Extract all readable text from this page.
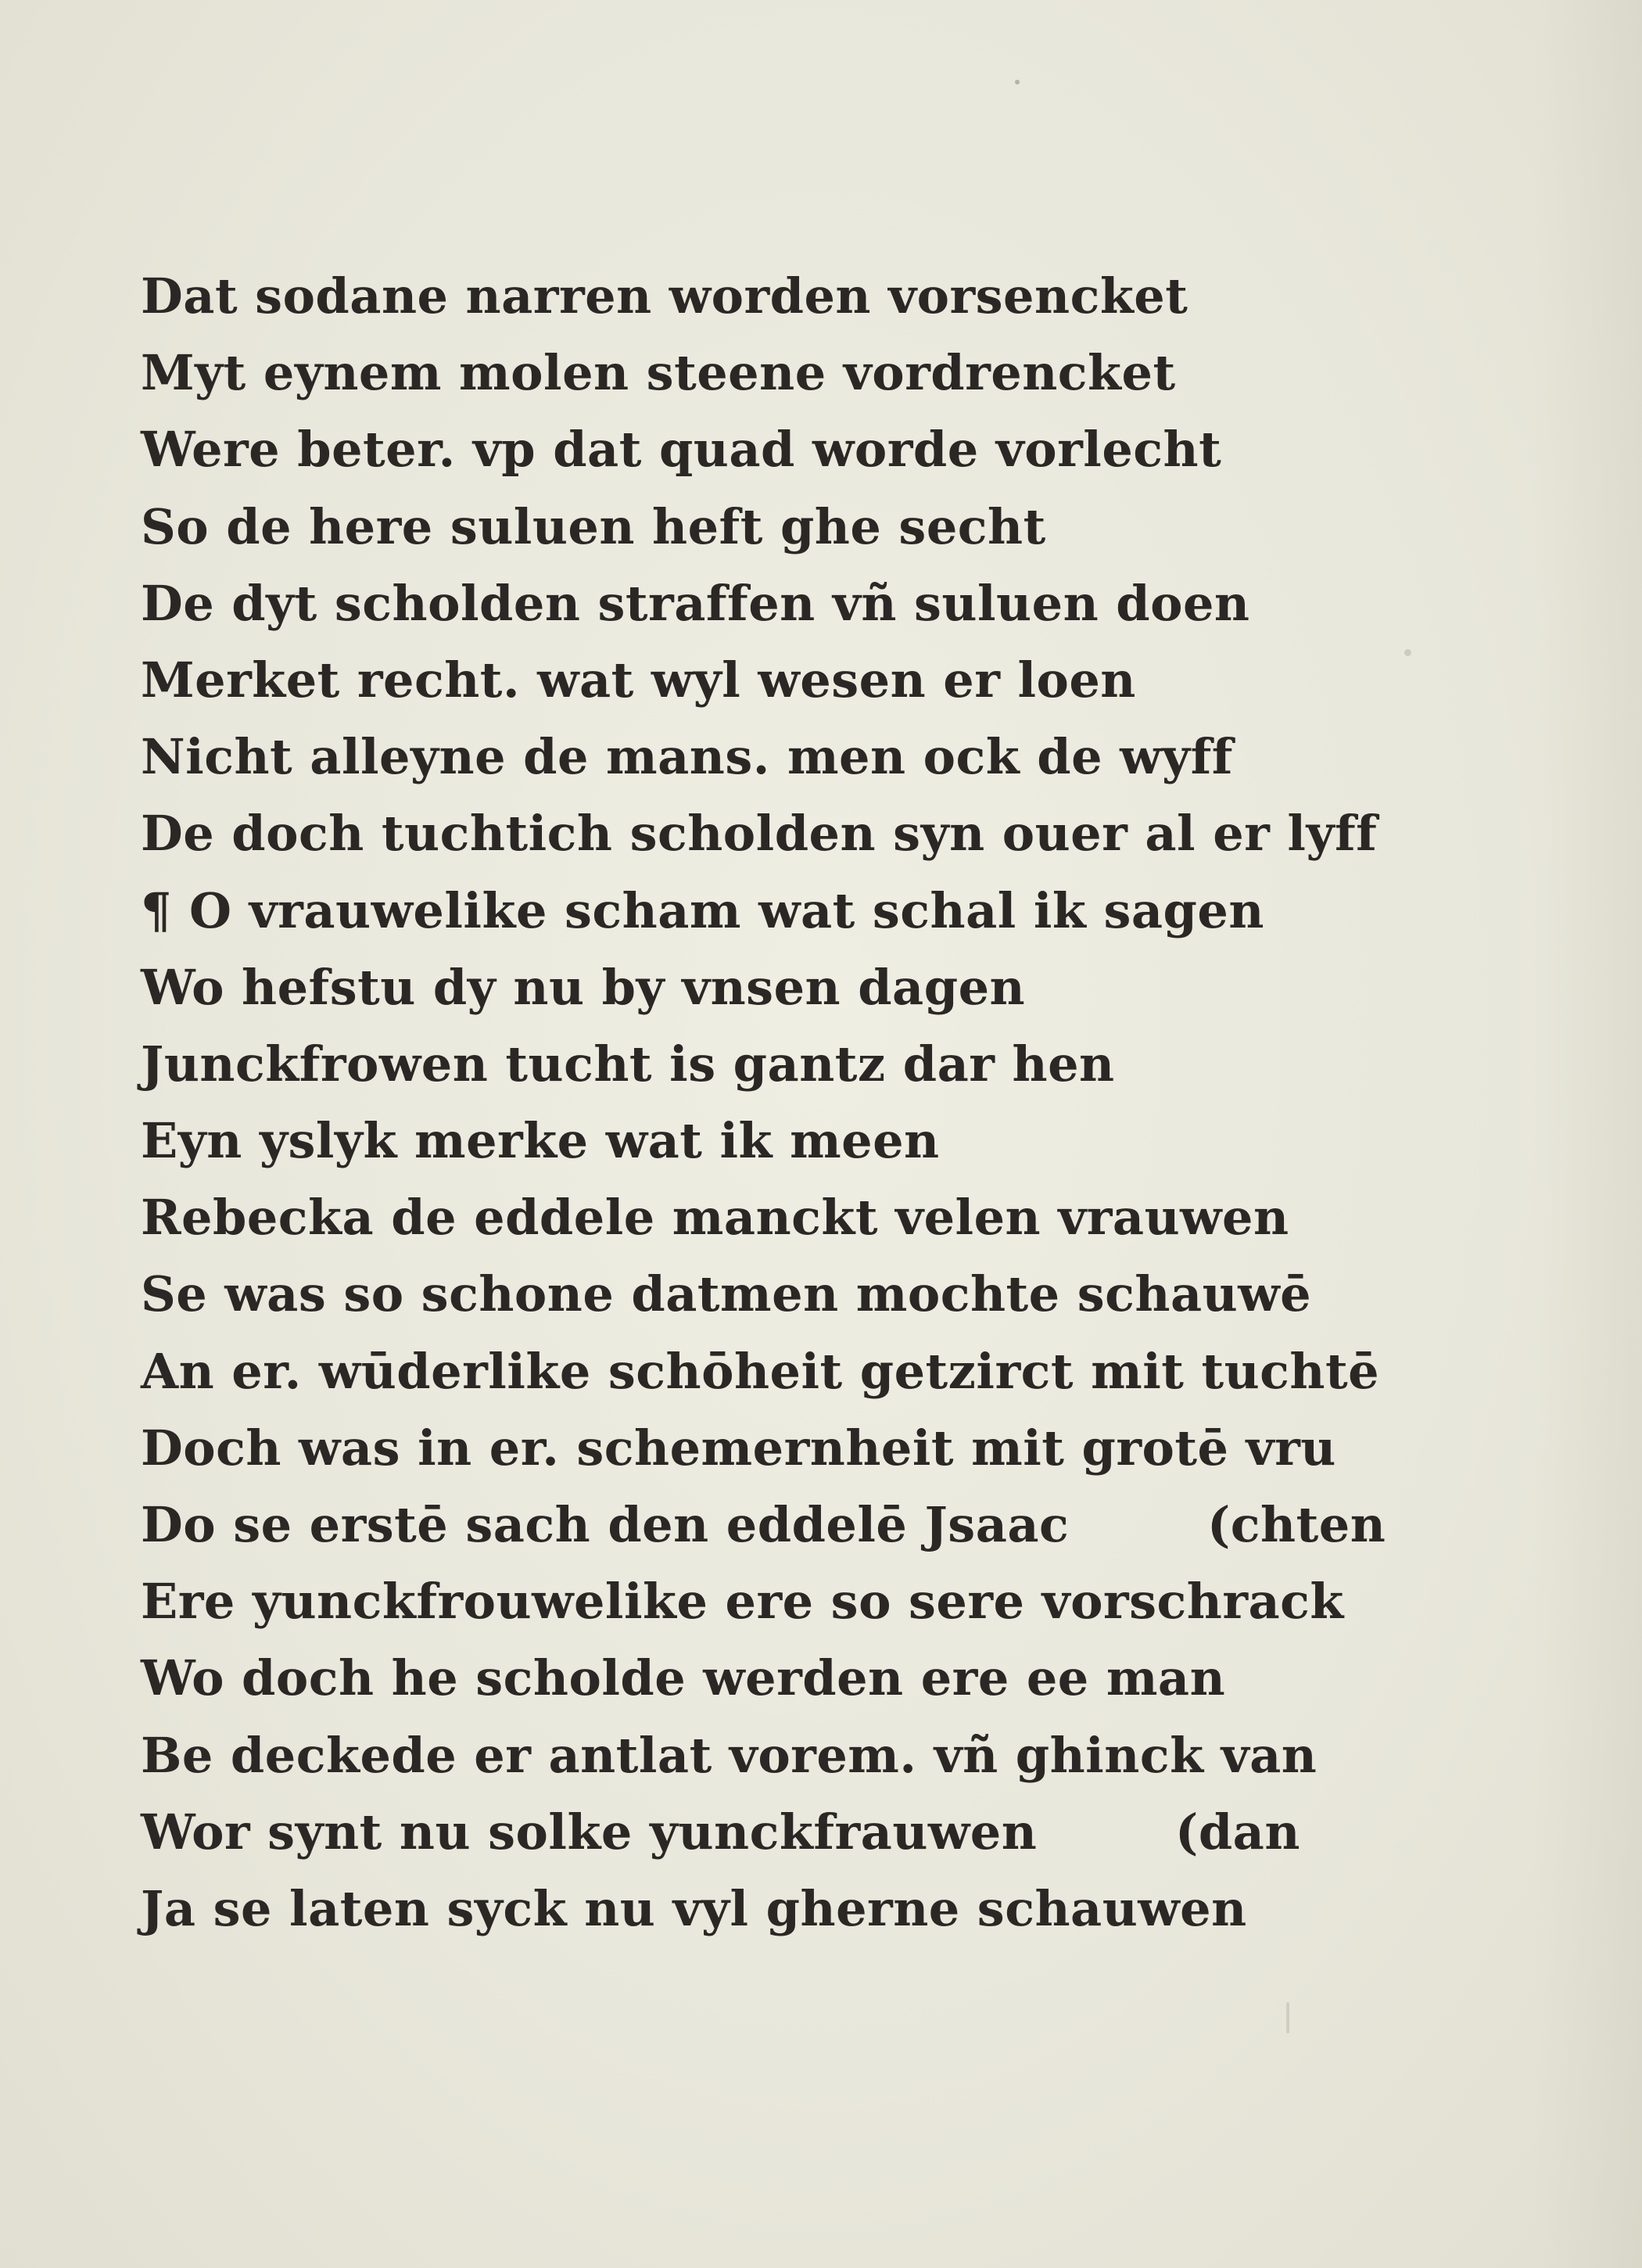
Dat sodane narren worden vorsencket
Myt eynem molen steene vordrencket
Were beter. vp dat quad worde vorlecht
So de here suluen heft ghe secht
De dyt scholden straffen vñ suluen doen
Merket recht. wat wyl wesen er loen
Nicht alleyne de mans. men ock de wyff
De doch tuchtich scholden syn ouer al er lyff
¶ O vrauwelike scham wat schal ik sagen
Wo hefstu dy nu by vnsen dagen
Junckfrowen tucht is gantz dar hen
Eyn yslyk merke wat ik meen
Rebecka de eddele manckt velen vrauwen
Se was so schone datmen mochte schauwē
An er. wūderlike schōheit getzirct mit tuchtē
Doch was in er. schemernheit mit grotē vru
Do se erstē sach den eddelē Jsaac        (chten
Ere yunckfrouwelike ere so sere vorschrack
Wo doch he scholde werden ere ee man
Be deckede er antlat vorem. vñ ghinck van
Wor synt nu solke yunckfrauwen        (dan
Ja se laten syck nu vyl gherne schauwen
